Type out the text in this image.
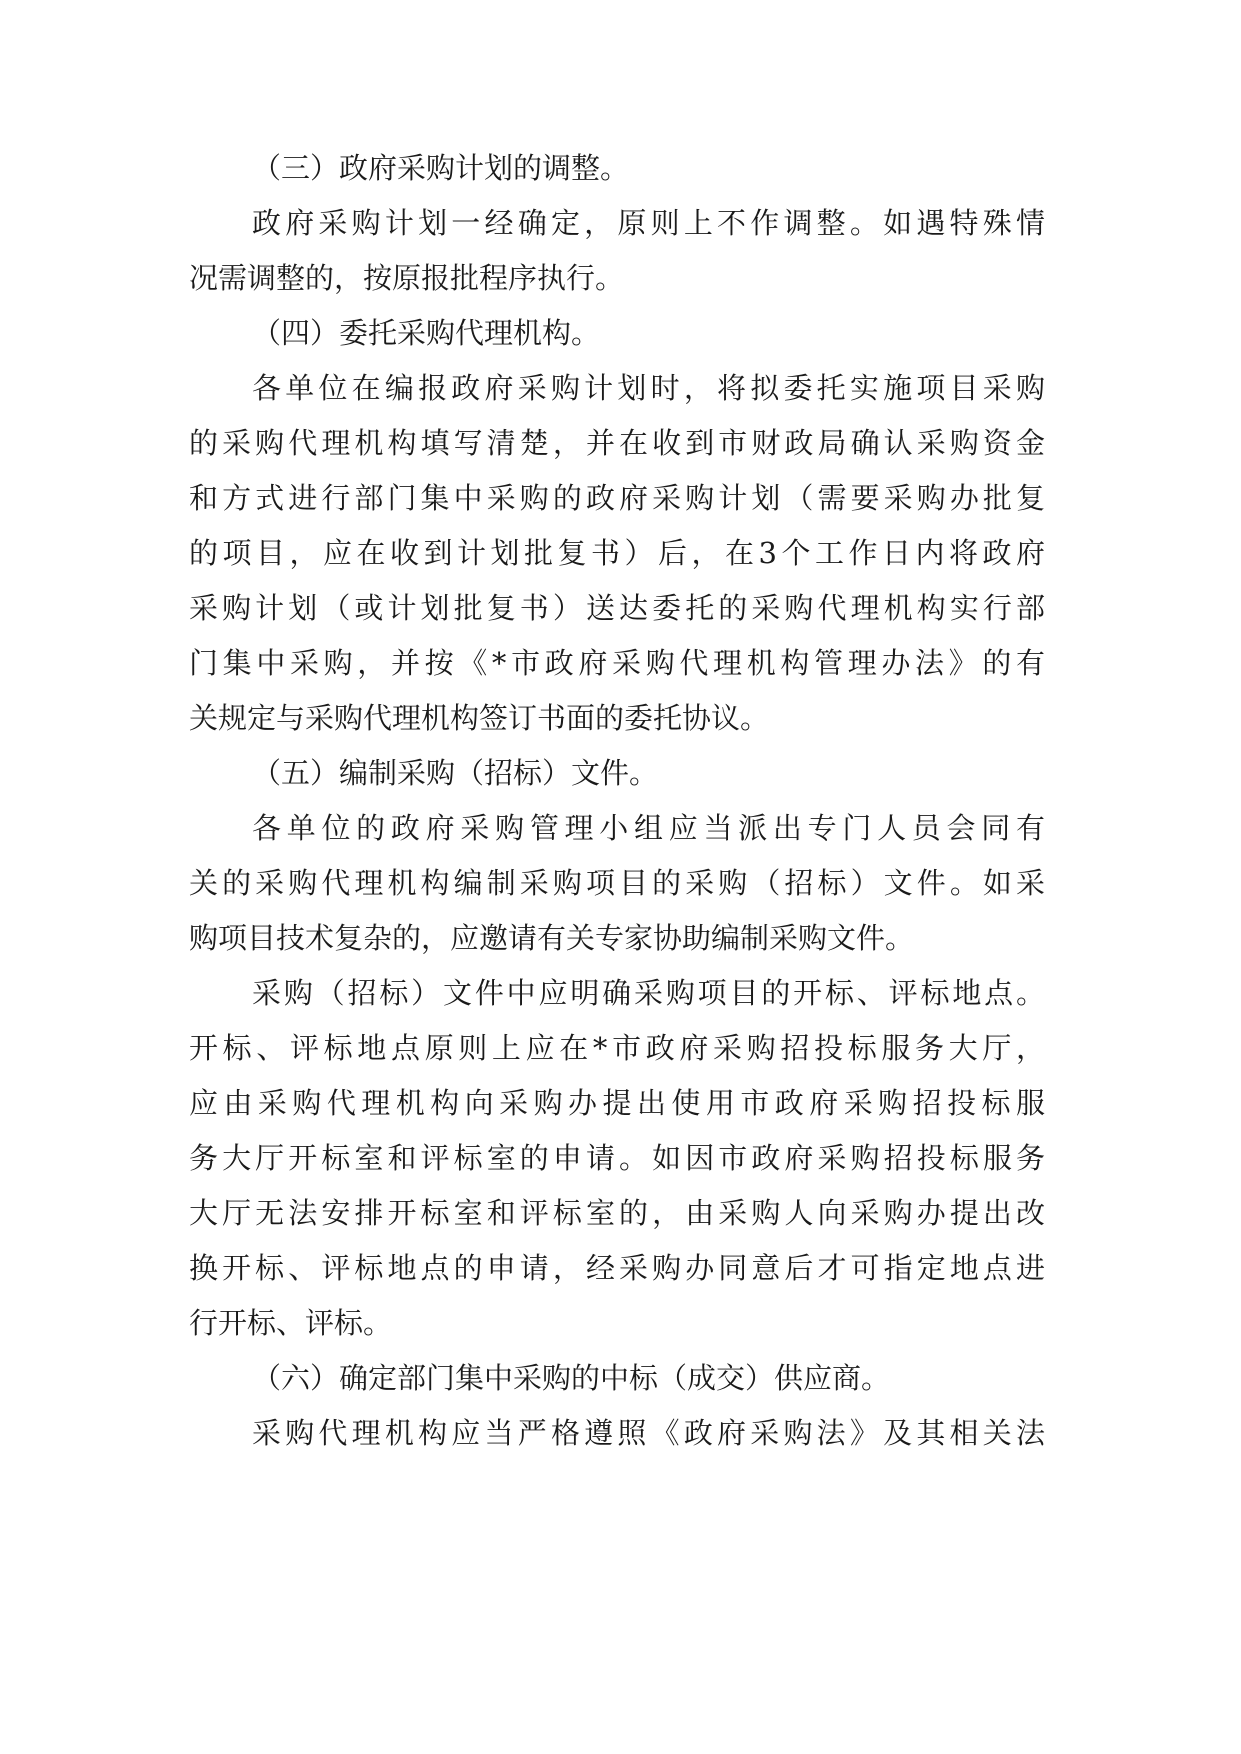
（三）政府采购计划的调整。
政府采购计划一经确定，原则上不作调整。如遇特殊情
况需调整的，按原报批程序执行。
（四）委托采购代理机构。
各单位在编报政府采购计划时，将拟委托实施项目采购
的采购代理机构填写清楚，并在收到市财政局确认采购资金
和方式进行部门集中采购的政府采购计划（需要采购办批复
的项目，应在收到计划批复书）后，在3个工作日内将政府
采购计划（或计划批复书）送达委托的采购代理机构实行部
门集中采购，并按《*市政府采购代理机构管理办法》的有
关规定与采购代理机构签订书面的委托协议。
（五）编制采购（招标）文件。
各单位的政府采购管理小组应当派出专门人员会同有
关的采购代理机构编制采购项目的采购（招标）文件。如采
购项目技术复杂的，应邀请有关专家协助编制采购文件。
采购（招标）文件中应明确采购项目的开标、评标地点。
开标、评标地点原则上应在*市政府采购招投标服务大厅，
应由采购代理机构向采购办提出使用市政府采购招投标服
务大厅开标室和评标室的申请。如因市政府采购招投标服务
大厅无法安排开标室和评标室的，由采购人向采购办提出改
换开标、评标地点的申请，经采购办同意后才可指定地点进
行开标、评标。
（六）确定部门集中采购的中标（成交）供应商。
采购代理机构应当严格遵照《政府采购法》及其相关法
